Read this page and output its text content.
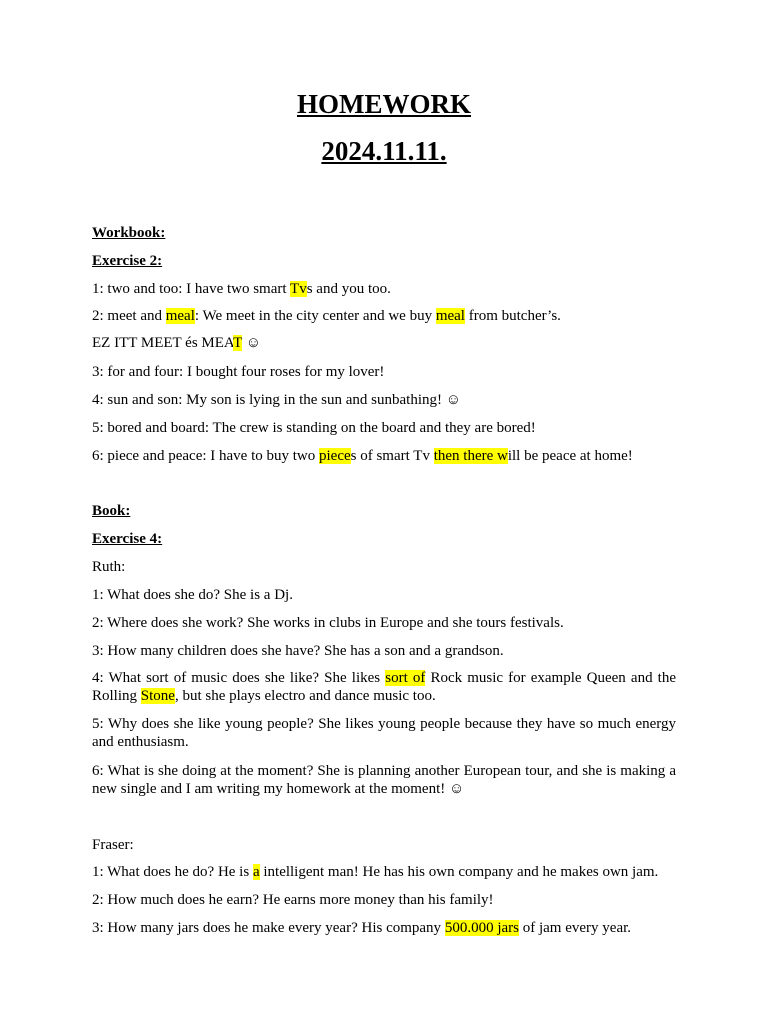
HOMEWORK
2024.11.11.
Workbook:
Exercise 2:
1: two and too: I have two smart Tvs and you too.
2: meet and meal: We meet in the city center and we buy meal from butcher’s.
EZ ITT MEET és MEAT ☺
3: for and four: I bought four roses for my lover!
4: sun and son: My son is lying in the sun and sunbathing! ☺
5: bored and board: The crew is standing on the board and they are bored!
6: piece and peace: I have to buy two pieces of smart Tv then there will be peace at home!
Book:
Exercise 4:
Ruth:
1: What does she do? She is a Dj.
2: Where does she work? She works in clubs in Europe and she tours festivals.
3: How many children does she have? She has a son and a grandson.
4: What sort of music does she like? She likes sort of Rock music for example Queen and the Rolling Stone, but she plays electro and dance music too.
5: Why does she like young people? She likes young people because they have so much energy and enthusiasm.
6: What is she doing at the moment? She is planning another European tour, and she is making a new single and I am writing my homework at the moment! ☺
Fraser:
1: What does he do? He is a intelligent man! He has his own company and he makes own jam.
2: How much does he earn? He earns more money than his family!
3: How many jars does he make every year? His company 500.000 jars of jam every year.
